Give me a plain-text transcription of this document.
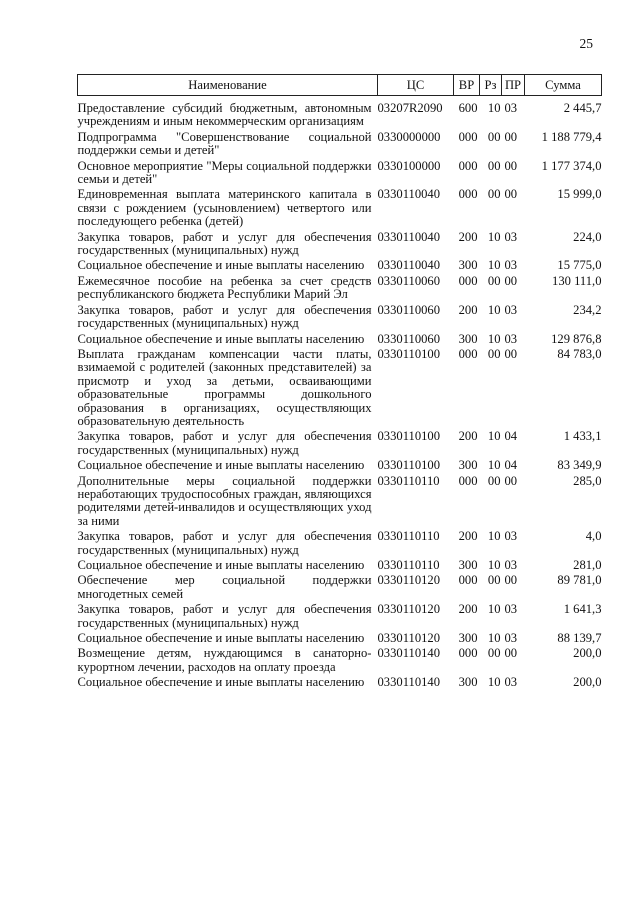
25
Наименование	ЦС	ВР	Рз	ПР	Сумма
Предоставление субсидий бюджетным, автономным учреждениям и иным некоммерческим организациям	03207R2090	600	10	03	2 445,7
Подпрограмма "Совершенствование социальной поддержки семьи и детей"	0330000000	000	00	00	1 188 779,4
Основное мероприятие "Меры социальной поддержки семьи и детей"	0330100000	000	00	00	1 177 374,0
Единовременная выплата материнского капитала в связи с рождением (усыновлением) четвертого или последующего ребенка (детей)	0330110040	000	00	00	15 999,0
Закупка товаров, работ и услуг для обеспечения государственных (муниципальных) нужд	0330110040	200	10	03	224,0
Социальное обеспечение и иные выплаты населению	0330110040	300	10	03	15 775,0
Ежемесячное пособие на ребенка за счет средств республиканского бюджета Республики Марий Эл	0330110060	000	00	00	130 111,0
Закупка товаров, работ и услуг для обеспечения государственных (муниципальных) нужд	0330110060	200	10	03	234,2
Социальное обеспечение и иные выплаты населению	0330110060	300	10	03	129 876,8
Выплата гражданам компенсации части платы, взимаемой с родителей (законных представителей) за присмотр и уход за детьми, осваивающими образовательные программы дошкольного образования в организациях, осуществляющих образовательную деятельность	0330110100	000	00	00	84 783,0
Закупка товаров, работ и услуг для обеспечения государственных (муниципальных) нужд	0330110100	200	10	04	1 433,1
Социальное обеспечение и иные выплаты населению	0330110100	300	10	04	83 349,9
Дополнительные меры социальной поддержки неработающих трудоспособных граждан, являющихся родителями детей-инвалидов и осуществляющих уход за ними	0330110110	000	00	00	285,0
Закупка товаров, работ и услуг для обеспечения государственных (муниципальных) нужд	0330110110	200	10	03	4,0
Социальное обеспечение и иные выплаты населению	0330110110	300	10	03	281,0
Обеспечение мер социальной поддержки многодетных семей	0330110120	000	00	00	89 781,0
Закупка товаров, работ и услуг для обеспечения государственных (муниципальных) нужд	0330110120	200	10	03	1 641,3
Социальное обеспечение и иные выплаты населению	0330110120	300	10	03	88 139,7
Возмещение детям, нуждающимся в санаторно-курортном лечении, расходов на оплату проезда	0330110140	000	00	00	200,0
Социальное обеспечение и иные выплаты населению	0330110140	300	10	03	200,0
